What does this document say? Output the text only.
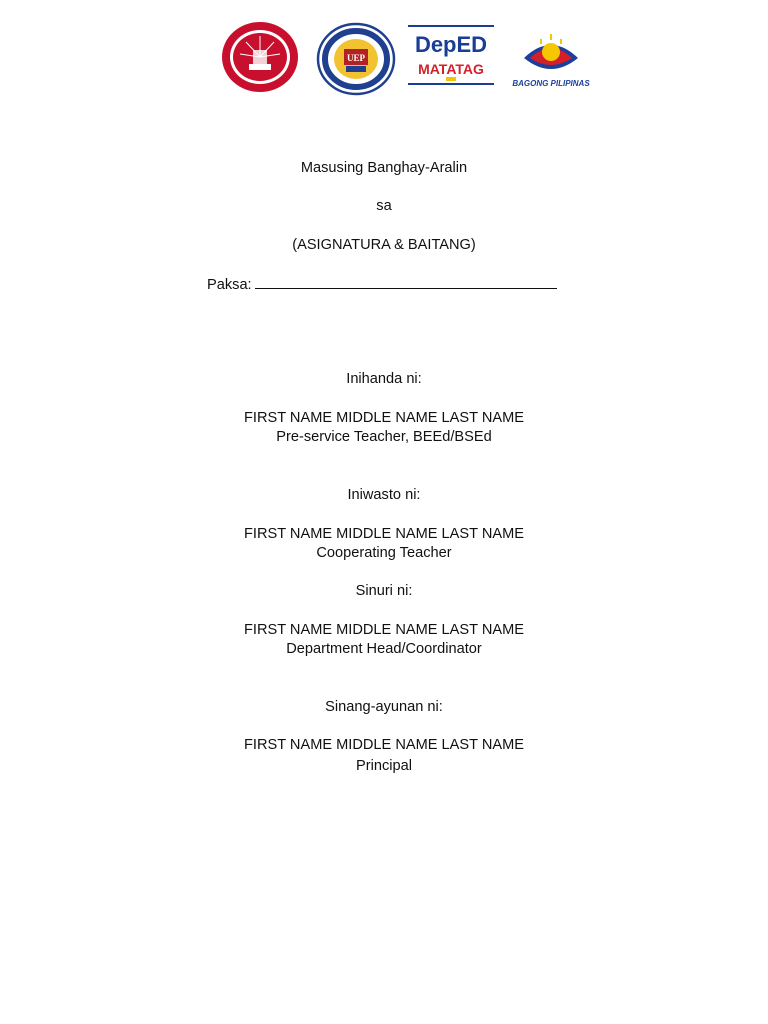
UEP
DepED
MATATAG
BAGONG PILIPINAS
Masusing Banghay-Aralin
sa
(ASIGNATURA & BAITANG)
Paksa:
Inihanda ni:
FIRST NAME MIDDLE NAME LAST NAME
Pre-service Teacher, BEEd/BSEd
Iniwasto ni:
FIRST NAME MIDDLE NAME LAST NAME
Cooperating Teacher
Sinuri ni:
FIRST NAME MIDDLE NAME LAST NAME
Department Head/Coordinator
Sinang-ayunan ni:
FIRST NAME MIDDLE NAME LAST NAME
Principal
